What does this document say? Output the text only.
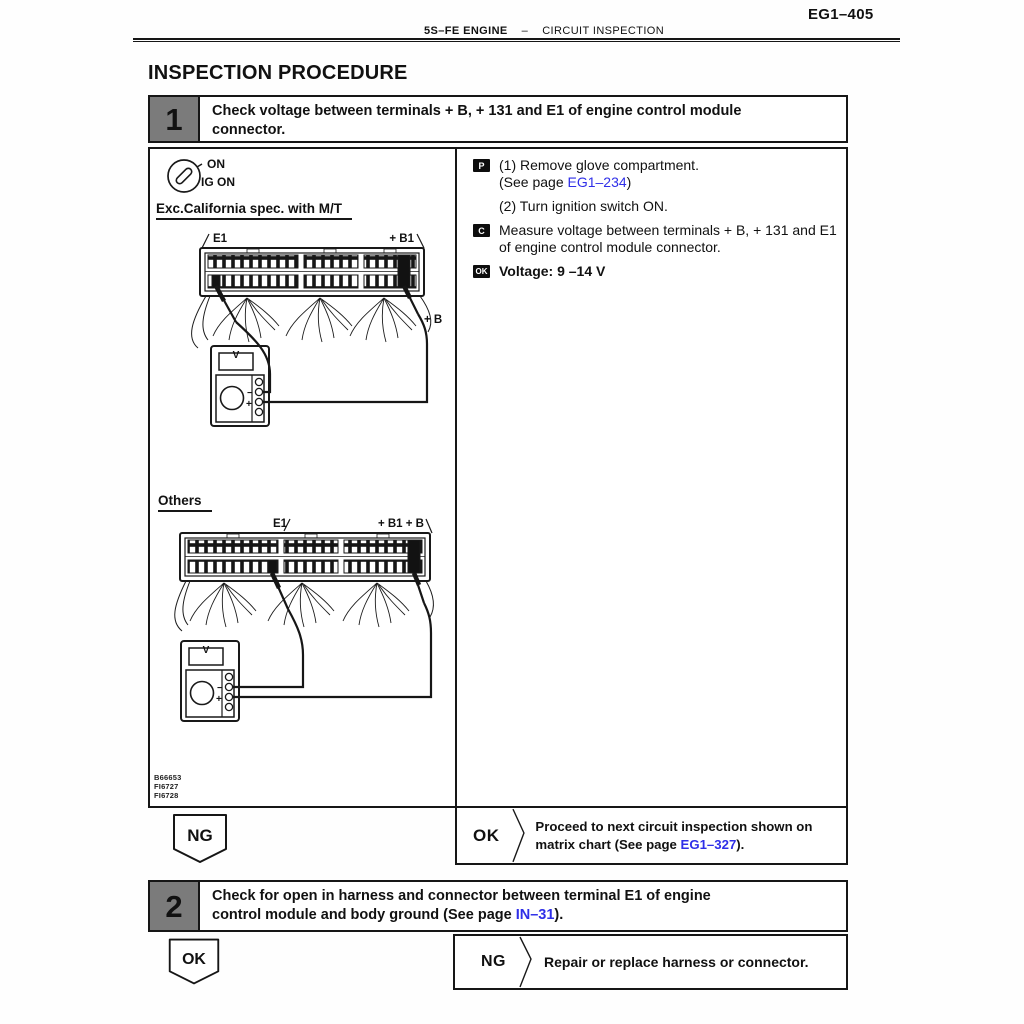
EG1–405
5S–FE ENGINE – CIRCUIT INSPECTION
INSPECTION PROCEDURE
1	Check voltage between terminals + B, + 131 and E1 of engine control module connector.
ON
IG ON
Exc.California spec. with M/T
E1	+ B1
+ B
V
−
+
Others
E1	+ B1 + B
V
−
+
B66653
FI6727
FI6728
P	(1) Remove glove compartment.
(See page EG1–234)
(2) Turn ignition switch ON.
C	Measure voltage between terminals + B, + 131 and E1 of engine control module connector.
OK Voltage: 9 –14 V
OK	Proceed to next circuit inspection shown on matrix chart (See page EG1–327).
NG
2	Check for open in harness and connector between terminal E1 of engine control module and body ground (See page IN–31).
OK	NG	Repair or replace harness or connector.
